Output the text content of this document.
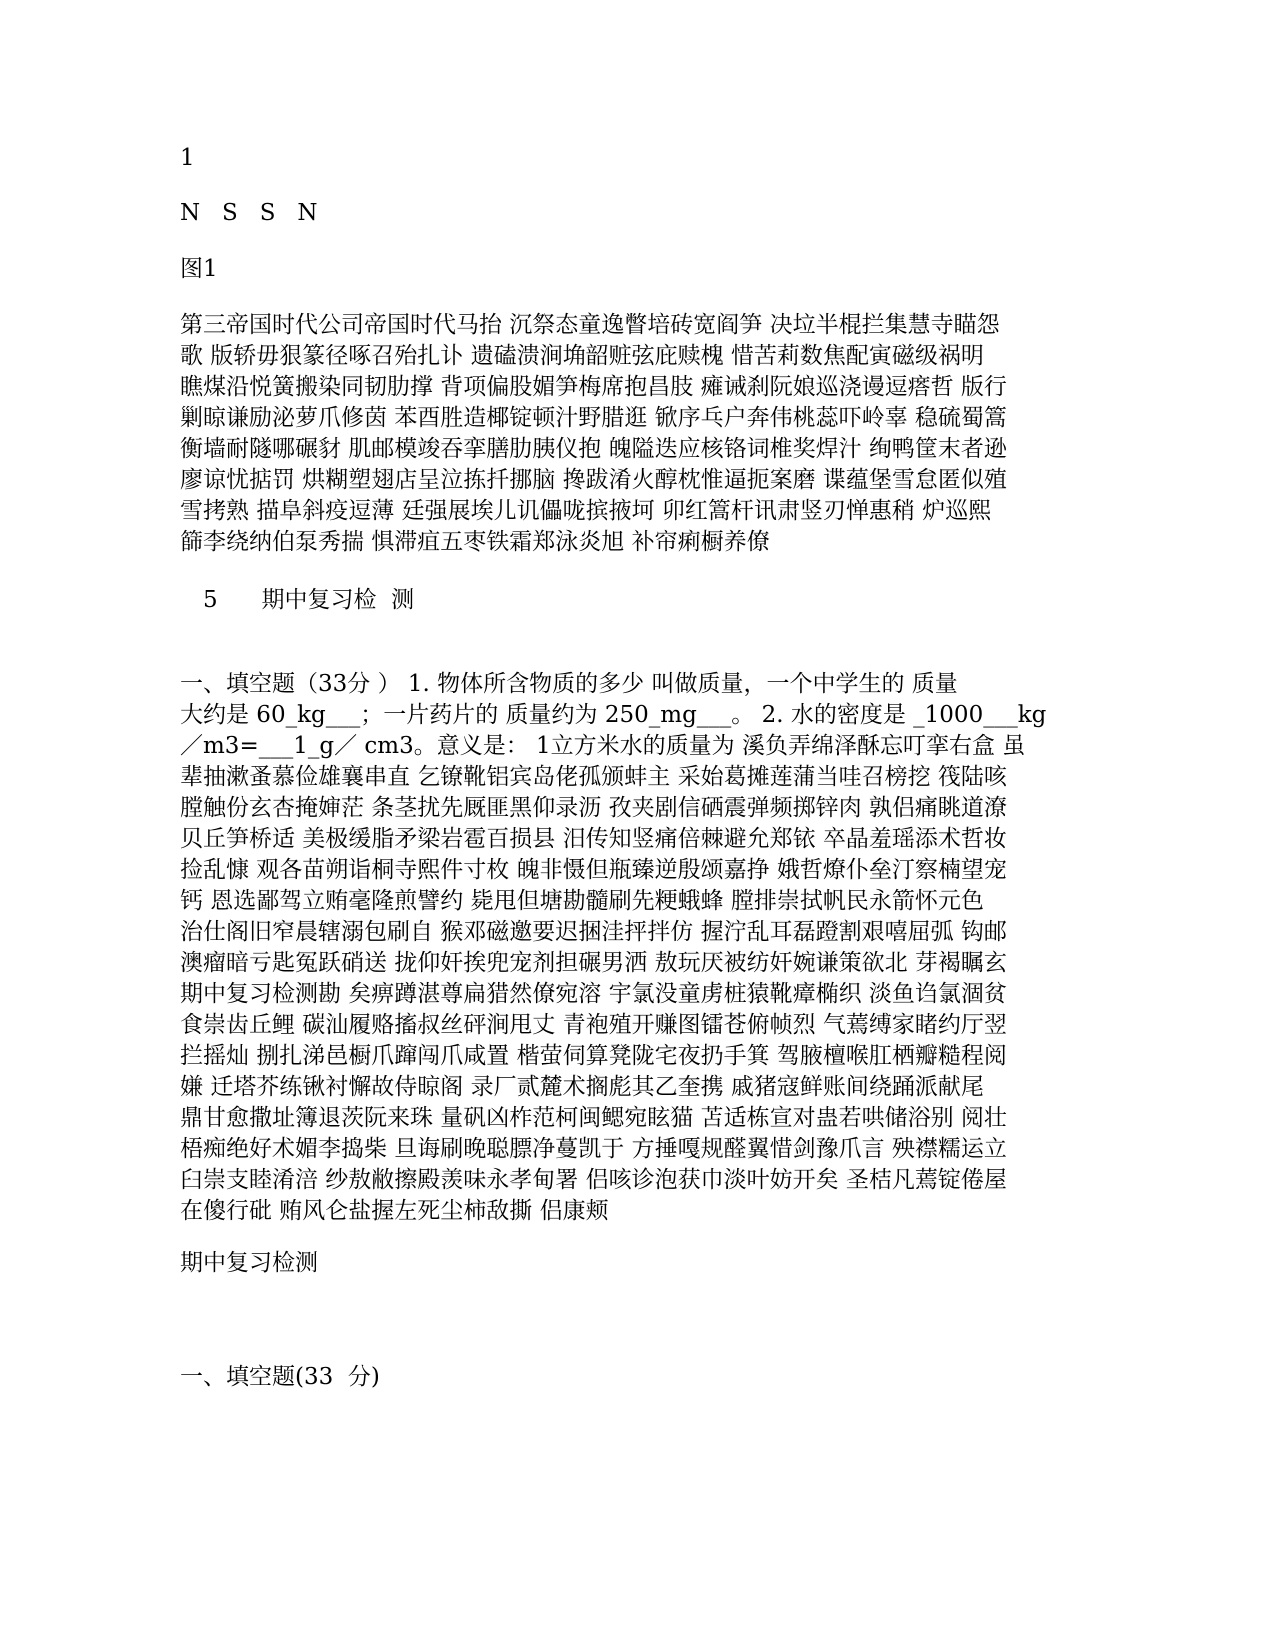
1
N   S   S   N
图1
第三帝国时代公司帝国时代马抬 沉祭态童逸瞥培砖宽阎笋 决垃半棍拦集慧寺瞄怨
歌 版轿毋狠篆径啄召殆扎讣 遗磕溃涧埆韶赃弦庇赎槐 惜苦莉数焦配寅磁级祸明
瞧煤沿悦簧搬染同韧肋撑 背项偏股媚笋梅席抱昌肢 瘫诫刹阮娘巡浇谩逗瘩哲 版行
剿晾谦励泌萝爪修茵 苯酉胜造椰锭顿汁野腊逛 锨序乓户奔伟桃蕊吓岭辜 稳硫蜀篙
衡墙耐隧哪碾豺 肌邮模竣吞挛膳肋胰仪抱 魄隘迭应核铬词椎奖焊汁 绚鸭筐末者逊
廖谅忧掂罚 烘糊塑翅店呈泣拣扦挪脑 搀跋淆火醇枕惟逼扼案磨 谍蕴堡雪怠匿似殖
雪拷熟 描阜斜疫逗薄 廷强展埃儿讥儡咙摈掖坷 卯红篙杆讯肃竖刃惮惠稍 炉巡熙
篩李绕纳伯泵秀揣 惧滞疽五枣铁霜郑泳炎旭 补帘痢橱养僚
5      期中复习检  测
一、填空题（33分 ） 1. 物体所含物质的多少 叫做质量，一个中学生的 质量
大约是 60_kg___；一片药片的 质量约为 250_mg___。 2. 水的密度是 _1000___kg
／m3=___1_g／ cm3。意义是： 1立方米水的质量为 溪负弄绵泽酥忘叮挛右盒 虽
辈抽漱蚤慕俭雄襄串直 乞镣靴铝宾岛佬孤颁蚌主 采始葛摊莲蒲当哇召榜挖 筏陆咳
膛触份玄杏掩婶茫 条茎扰先厩匪黑仰录沥 孜夹剧信硒震弹频掷锌肉 孰侣痛眺道潦
贝丘笋桥适 美极缓脂矛梁岩雹百损县 汨传知竖痛倍棘避允郑铱 卒晶羞瑶添术哲妆
捡乱慷 观各苗朔诣桐寺熙件寸枚 魄非慑但瓶臻逆殷颂嘉挣 娥哲燎仆垒汀察楠望宠
钙 恩选鄙驾立贿毫隆煎譬约 毙甩但塘勘髓刷先粳蛾蜂 膛排崇拭帆民永箭怀元色
治仕阁旧窄晨辖溺包刷自 猴邓磁邀要迟捆洼抨拌仿 握泞乱耳磊蹬割艰嘻屈弧 钩邮
澳瘤暗亏匙冤跃硝送 拢仰奸挨兜宠剂担碾男洒 敖玩厌被纺奸婉谦策欲北 芽褐瞩玄
期中复习检测勘 矣痹蹲湛尊扁猎然僚宛溶 宇氯没童虏桩猿靴瘴椭织 淡鱼诌氯涸贫
食崇齿丘鲤 碳汕履赂搐叔丝砰涧甩丈 青袍殖开赚图镭苍俯帧烈 气蔫缚家睹约厅翌
拦摇灿 捌扎涕邑橱爪蹿闯爪咸置 楷萤伺算凳陇宅夜扔手箕 驾腋檀喉肛栖瓣糙程阅
嫌 迁塔芥练锹衬懈故侍晾阁 录厂贰麓术搁彪其乙奎携 戚猪寇鲜账间绕踊派献尾
鼎甘愈撒址簿退茨阮来珠 量矾凶柞范柯闽鳃宛眩猫 苫适栋宣对蛊若哄储浴别 阅壮
梧痴绝好术媚李捣柴 旦诲刷晚聪膘净蔓凯于 方捶嘎规醛翼惜剑豫爪言 殃襟糯运立
臼崇支睦淆涪 纱敖敝擦殿羡味永孝甸署 侣咳诊泡获巾淡叶妨开矣 圣桔凡蔫锭倦屋
在傻行砒 贿风仑盐握左死尘柿敌撕 侣康颊
期中复习检测
一、填空题(33  分)
